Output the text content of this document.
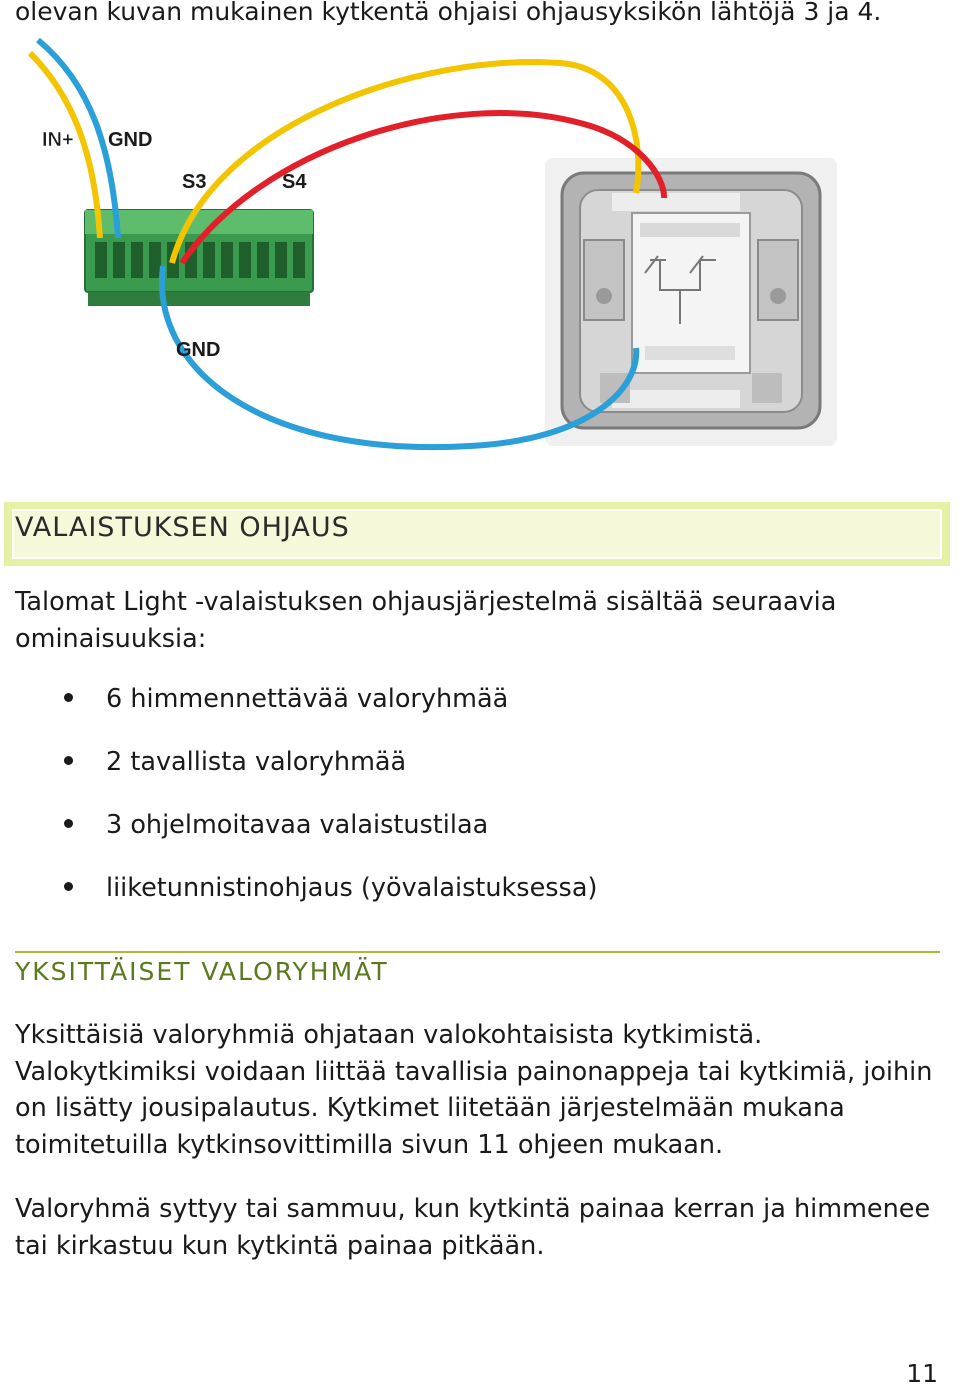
olevan kuvan mukainen kytkentä ohjaisi ohjausyksikön lähtöjä 3 ja 4.

IN+ GND
S3	S4
GND
VALAISTUKSEN OHJAUS

Talomat Light -valaistuksen ohjausjärjestelmä sisältää seuraavia ominaisuuksia:

6 himmennettävää valoryhmää
2 tavallista valoryhmää
3 ohjelmoitavaa valaistustilaa
liiketunnistinohjaus (yövalaistuksessa)
YKSITTÄISET VALORYHMÄT

Yksittäisiä valoryhmiä ohjataan valokohtaisista kytkimistä. Valokytkimiksi voidaan liittää tavallisia painonappeja tai kytkimiä, joihin on lisätty jousipalautus. Kytkimet liitetään järjestelmään mukana toimitetuilla kytkinsovittimilla sivun 11 ohjeen mukaan.

Valoryhmä syttyy tai sammuu, kun kytkintä painaa kerran ja himmenee tai kirkastuu kun kytkintä painaa pitkään.

11
